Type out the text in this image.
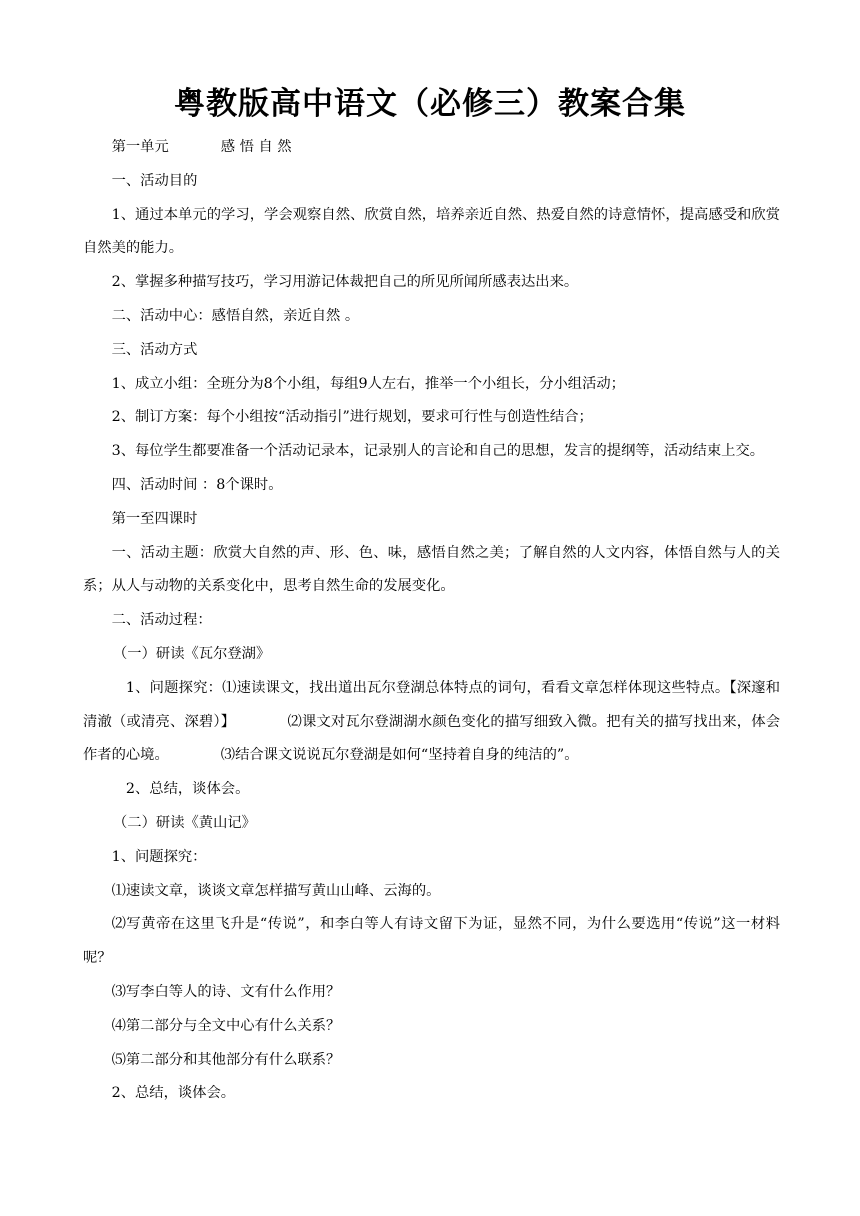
粤教版高中语文（必修三）教案合集

第一单元	感 悟 自 然

一、活动目的

1、通过本单元的学习，学会观察自然、欣赏自然，培养亲近自然、热爱自然的诗意情怀，提高感受和欣赏自然美的能力。

2、掌握多种描写技巧，学习用游记体裁把自己的所见所闻所感表达出来。

二、活动中心：感悟自然，亲近自然 。

三、活动方式

1、成立小组：全班分为8个小组，每组9人左右，推举一个小组长，分小组活动；

2、制订方案：每个小组按“活动指引”进行规划，要求可行性与创造性结合；

3、每位学生都要准备一个活动记录本，记录别人的言论和自己的思想，发言的提纲等，活动结束上交。

四、活动时间 ：8个课时。

第一至四课时

一、活动主题：欣赏大自然的声、形、色、味，感悟自然之美；了解自然的人文内容，体悟自然与人的关系；从人与动物的关系变化中，思考自然生命的发展变化。

二、活动过程：

（一）研读《瓦尔登湖》

1、问题探究：⑴速读课文，找出道出瓦尔登湖总体特点的词句，看看文章怎样体现这些特点。【深邃和清澈（或清亮、深碧）】	⑵课文对瓦尔登湖湖水颜色变化的描写细致入微。把有关的描写找出来，体会作者的心境。	⑶结合课文说说瓦尔登湖是如何“坚持着自身的纯洁的”。

2、总结，谈体会。

（二）研读《黄山记》

1、问题探究：

⑴速读文章，谈谈文章怎样描写黄山山峰、云海的。

⑵写黄帝在这里飞升是“传说”，和李白等人有诗文留下为证，显然不同，为什么要选用“传说”这一材料呢？

⑶写李白等人的诗、文有什么作用？

⑷第二部分与全文中心有什么关系？

⑸第二部分和其他部分有什么联系？

2、总结，谈体会。
